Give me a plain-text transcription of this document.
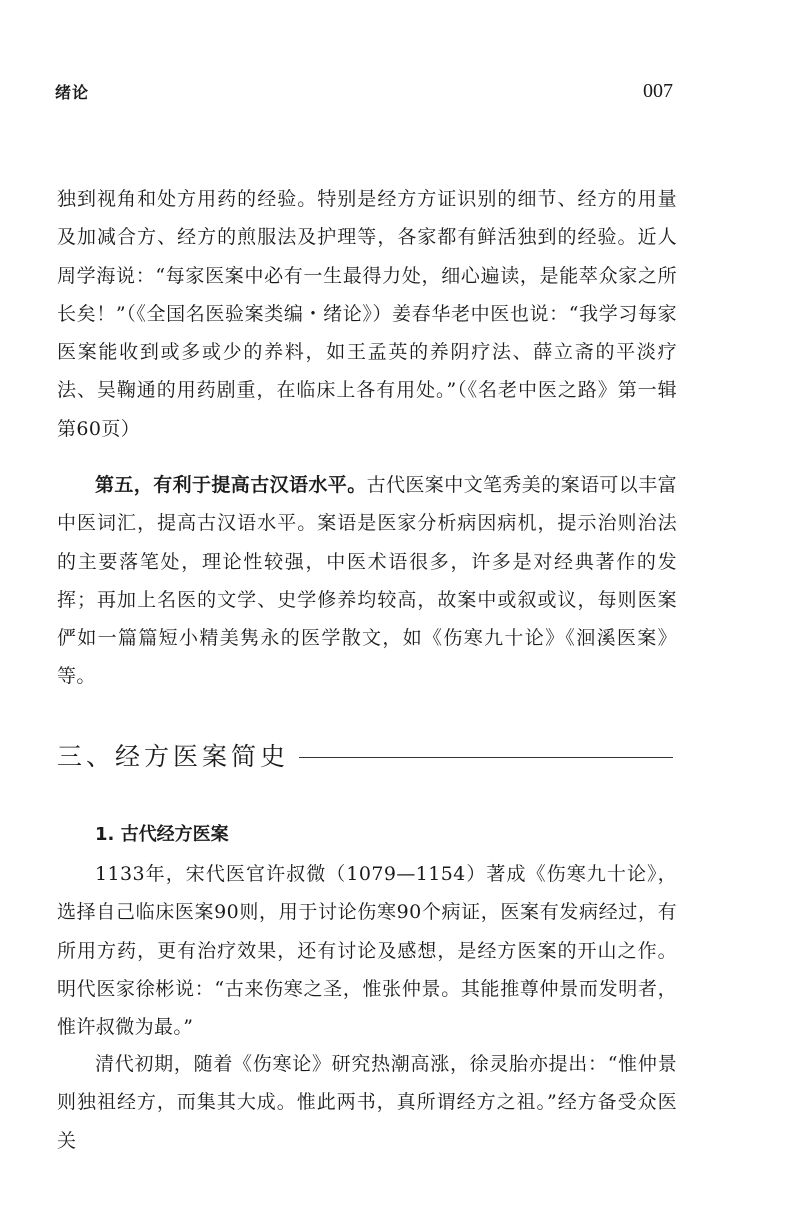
绪论	007

独到视角和处方用药的经验。特别是经方方证识别的细节、经方的用量及加减合方、经方的煎服法及护理等，各家都有鲜活独到的经验。近人周学海说：“每家医案中必有一生最得力处，细心遍读，是能萃众家之所长矣！”（《全国名医验案类编・绪论》）姜春华老中医也说：“我学习每家医案能收到或多或少的养料，如王孟英的养阴疗法、薛立斋的平淡疗法、吴鞠通的用药剧重，在临床上各有用处。”（《名老中医之路》第一辑第60页）

第五，有利于提高古汉语水平。古代医案中文笔秀美的案语可以丰富中医词汇，提高古汉语水平。案语是医家分析病因病机，提示治则治法的主要落笔处，理论性较强，中医术语很多，许多是对经典著作的发挥；再加上名医的文学、史学修养均较高，故案中或叙或议，每则医案俨如一篇篇短小精美隽永的医学散文，如《伤寒九十论》《洄溪医案》等。

三、经方医案简史
1. 古代经方医案

1133年，宋代医官许叔微（1079—1154）著成《伤寒九十论》，选择自己临床医案90则，用于讨论伤寒90个病证，医案有发病经过，有所用方药，更有治疗效果，还有讨论及感想，是经方医案的开山之作。明代医家徐彬说：“古来伤寒之圣，惟张仲景。其能推尊仲景而发明者，惟许叔微为最。”

清代初期，随着《伤寒论》研究热潮高涨，徐灵胎亦提出：“惟仲景则独祖经方，而集其大成。惟此两书，真所谓经方之祖。”经方备受众医关
